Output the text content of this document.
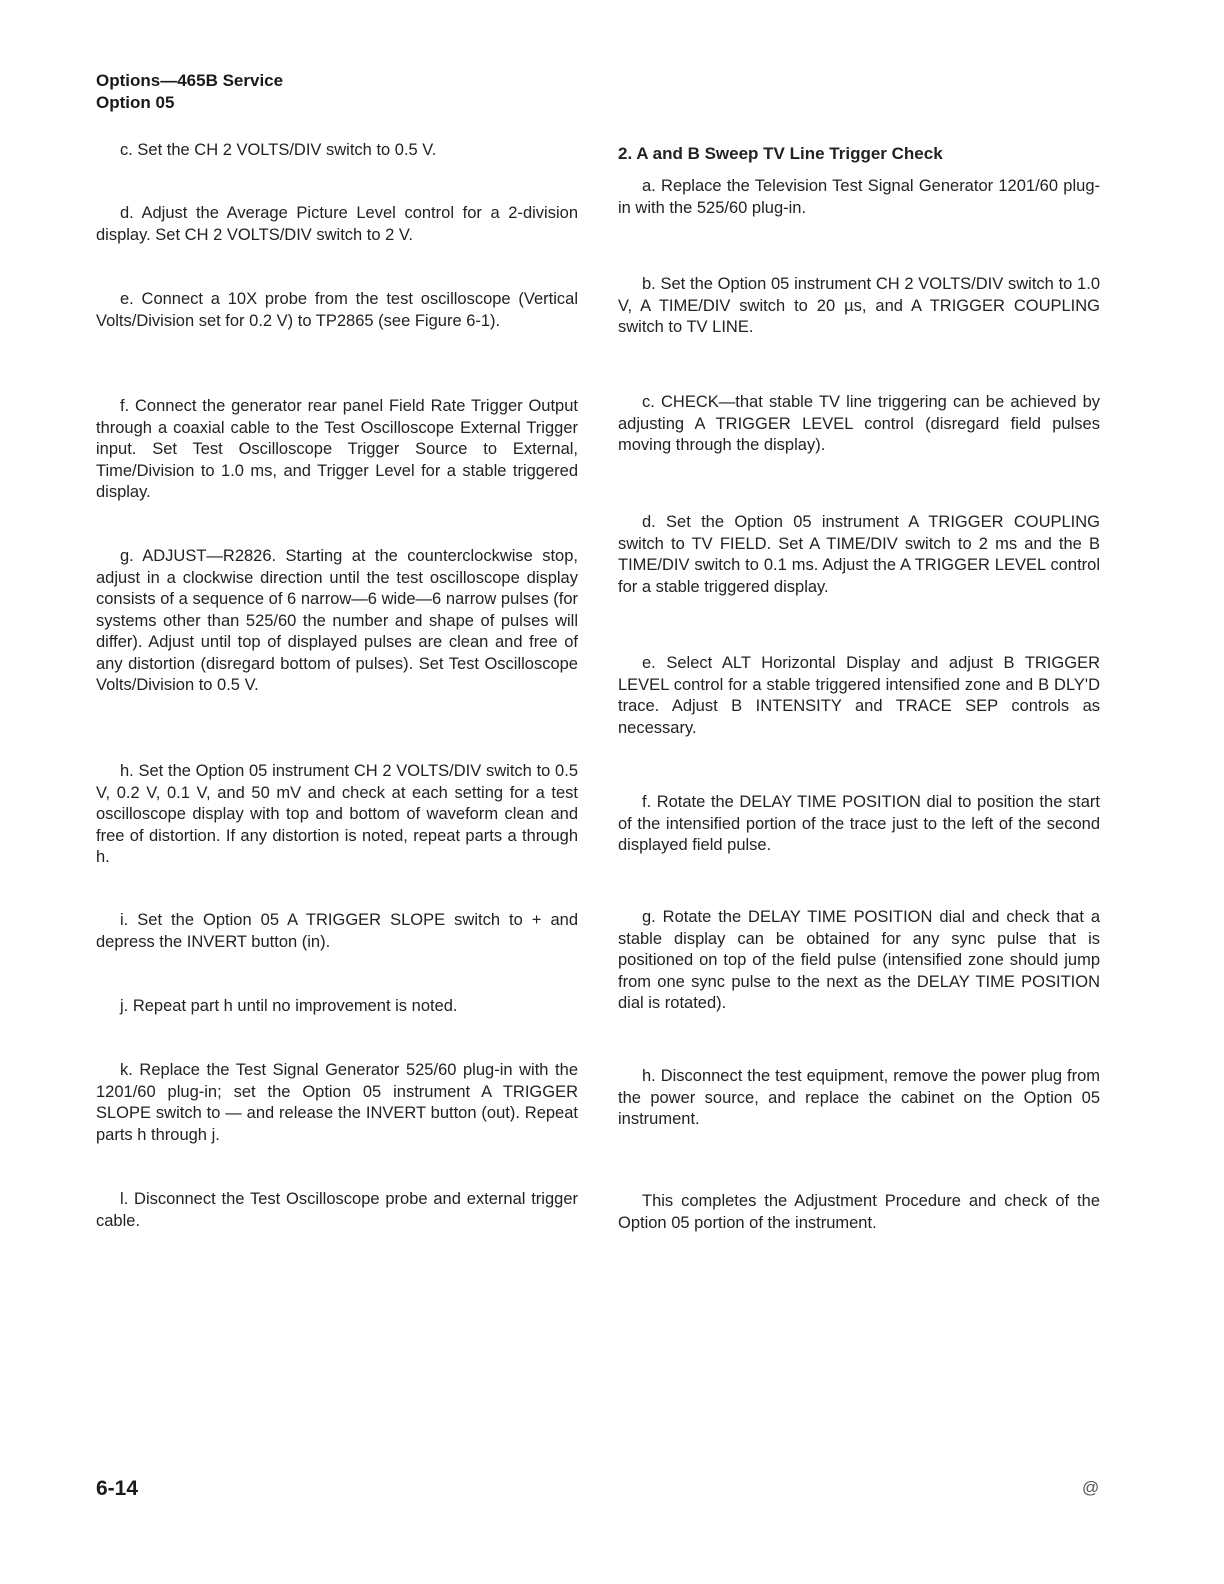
Options—465B Service
Option 05

c. Set the CH 2 VOLTS/DIV switch to 0.5 V.

d. Adjust the Average Picture Level control for a 2-division display. Set CH 2 VOLTS/DIV switch to 2 V.

e. Connect a 10X probe from the test oscilloscope (Vertical Volts/Division set for 0.2 V) to TP2865 (see Figure 6-1).

f. Connect the generator rear panel Field Rate Trigger Output through a coaxial cable to the Test Oscilloscope External Trigger input. Set Test Oscilloscope Trigger Source to External, Time/Division to 1.0 ms, and Trigger Level for a stable triggered display.

g. ADJUST—R2826. Starting at the counterclockwise stop, adjust in a clockwise direction until the test oscilloscope display consists of a sequence of 6 narrow—6 wide—6 narrow pulses (for systems other than 525/60 the number and shape of pulses will differ). Adjust until top of displayed pulses are clean and free of any distortion (disregard bottom of pulses). Set Test Oscilloscope Volts/Division to 0.5 V.

h. Set the Option 05 instrument CH 2 VOLTS/DIV switch to 0.5 V, 0.2 V, 0.1 V, and 50 mV and check at each setting for a test oscilloscope display with top and bottom of waveform clean and free of distortion. If any distortion is noted, repeat parts a through h.

i. Set the Option 05 A TRIGGER SLOPE switch to + and depress the INVERT button (in).

j. Repeat part h until no improvement is noted.

k. Replace the Test Signal Generator 525/60 plug-in with the 1201/60 plug-in; set the Option 05 instrument A TRIGGER SLOPE switch to — and release the INVERT button (out). Repeat parts h through j.

l. Disconnect the Test Oscilloscope probe and external trigger cable.

2. A and B Sweep TV Line Trigger Check

a. Replace the Television Test Signal Generator 1201/60 plug-in with the 525/60 plug-in.

b. Set the Option 05 instrument CH 2 VOLTS/DIV switch to 1.0 V, A TIME/DIV switch to 20 µs, and A TRIGGER COUPLING switch to TV LINE.

c. CHECK—that stable TV line triggering can be achieved by adjusting A TRIGGER LEVEL control (disregard field pulses moving through the display).

d. Set the Option 05 instrument A TRIGGER COUPLING switch to TV FIELD. Set A TIME/DIV switch to 2 ms and the B TIME/DIV switch to 0.1 ms. Adjust the A TRIGGER LEVEL control for a stable triggered display.

e. Select ALT Horizontal Display and adjust B TRIGGER LEVEL control for a stable triggered intensified zone and B DLY'D trace. Adjust B INTENSITY and TRACE SEP controls as necessary.

f. Rotate the DELAY TIME POSITION dial to position the start of the intensified portion of the trace just to the left of the second displayed field pulse.

g. Rotate the DELAY TIME POSITION dial and check that a stable display can be obtained for any sync pulse that is positioned on top of the field pulse (intensified zone should jump from one sync pulse to the next as the DELAY TIME POSITION dial is rotated).

h. Disconnect the test equipment, remove the power plug from the power source, and replace the cabinet on the Option 05 instrument.

This completes the Adjustment Procedure and check of the Option 05 portion of the instrument.

6-14	@
